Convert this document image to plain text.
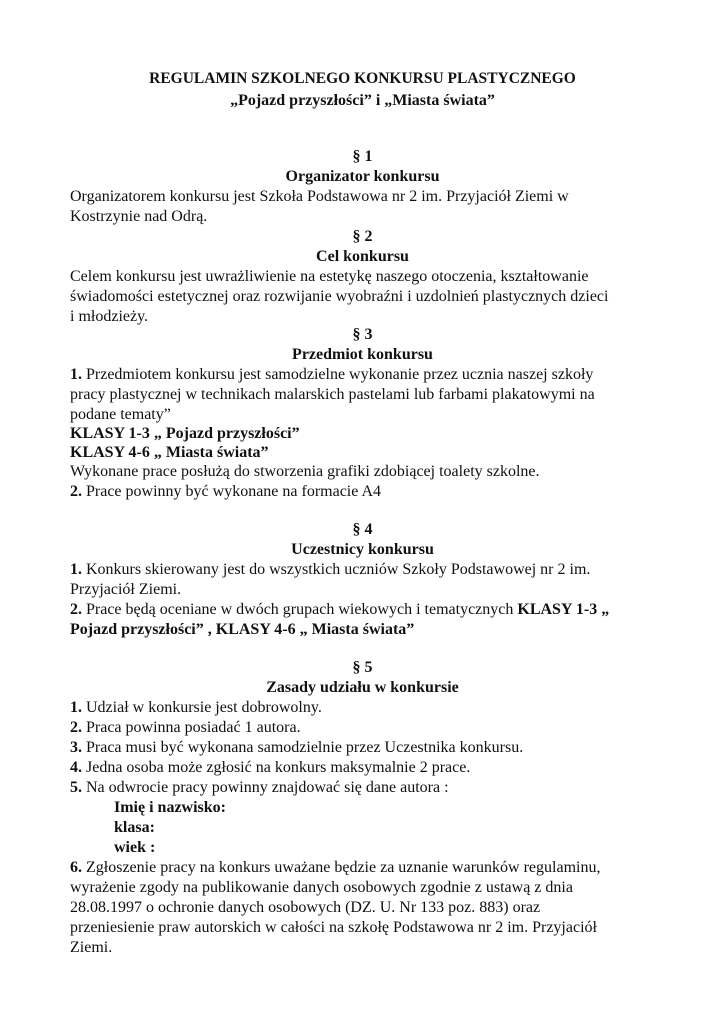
REGULAMIN SZKOLNEGO KONKURSU PLASTYCZNEGO
„Pojazd przyszłości” i „Miasta świata”
§ 1
Organizator konkursu
Organizatorem konkursu jest Szkoła Podstawowa nr 2 im. Przyjaciół Ziemi w
Kostrzynie nad Odrą.
§ 2
Cel konkursu
Celem konkursu jest uwrażliwienie na estetykę naszego otoczenia, kształtowanie
świadomości estetycznej oraz rozwijanie wyobraźni i uzdolnień plastycznych dzieci
i młodzieży.
§ 3
Przedmiot konkursu
1. Przedmiotem konkursu jest samodzielne wykonanie przez ucznia naszej szkoły
pracy plastycznej w technikach malarskich pastelami lub farbami plakatowymi na
podane tematy”
KLASY 1-3 „ Pojazd przyszłości”
KLASY 4-6 „ Miasta świata”
Wykonane prace posłużą do stworzenia grafiki zdobiącej toalety szkolne.
2. Prace powinny być wykonane na formacie A4
§ 4
Uczestnicy konkursu
1. Konkurs skierowany jest do wszystkich uczniów Szkoły Podstawowej nr 2 im.
Przyjaciół Ziemi.
2. Prace będą oceniane w dwóch grupach wiekowych i tematycznych KLASY 1-3 „
Pojazd przyszłości” , KLASY 4-6 „ Miasta świata”
§ 5
Zasady udziału w konkursie
1. Udział w konkursie jest dobrowolny.
2. Praca powinna posiadać 1 autora.
3. Praca musi być wykonana samodzielnie przez Uczestnika konkursu.
4. Jedna osoba może zgłosić na konkurs maksymalnie 2 prace.
5. Na odwrocie pracy powinny znajdować się dane autora :
Imię i nazwisko:
klasa:
wiek :
6. Zgłoszenie pracy na konkurs uważane będzie za uznanie warunków regulaminu,
wyrażenie zgody na publikowanie danych osobowych zgodnie z ustawą z dnia
28.08.1997 o ochronie danych osobowych (DZ. U. Nr 133 poz. 883) oraz
przeniesienie praw autorskich w całości na szkołę Podstawowa nr 2 im. Przyjaciół
Ziemi.
